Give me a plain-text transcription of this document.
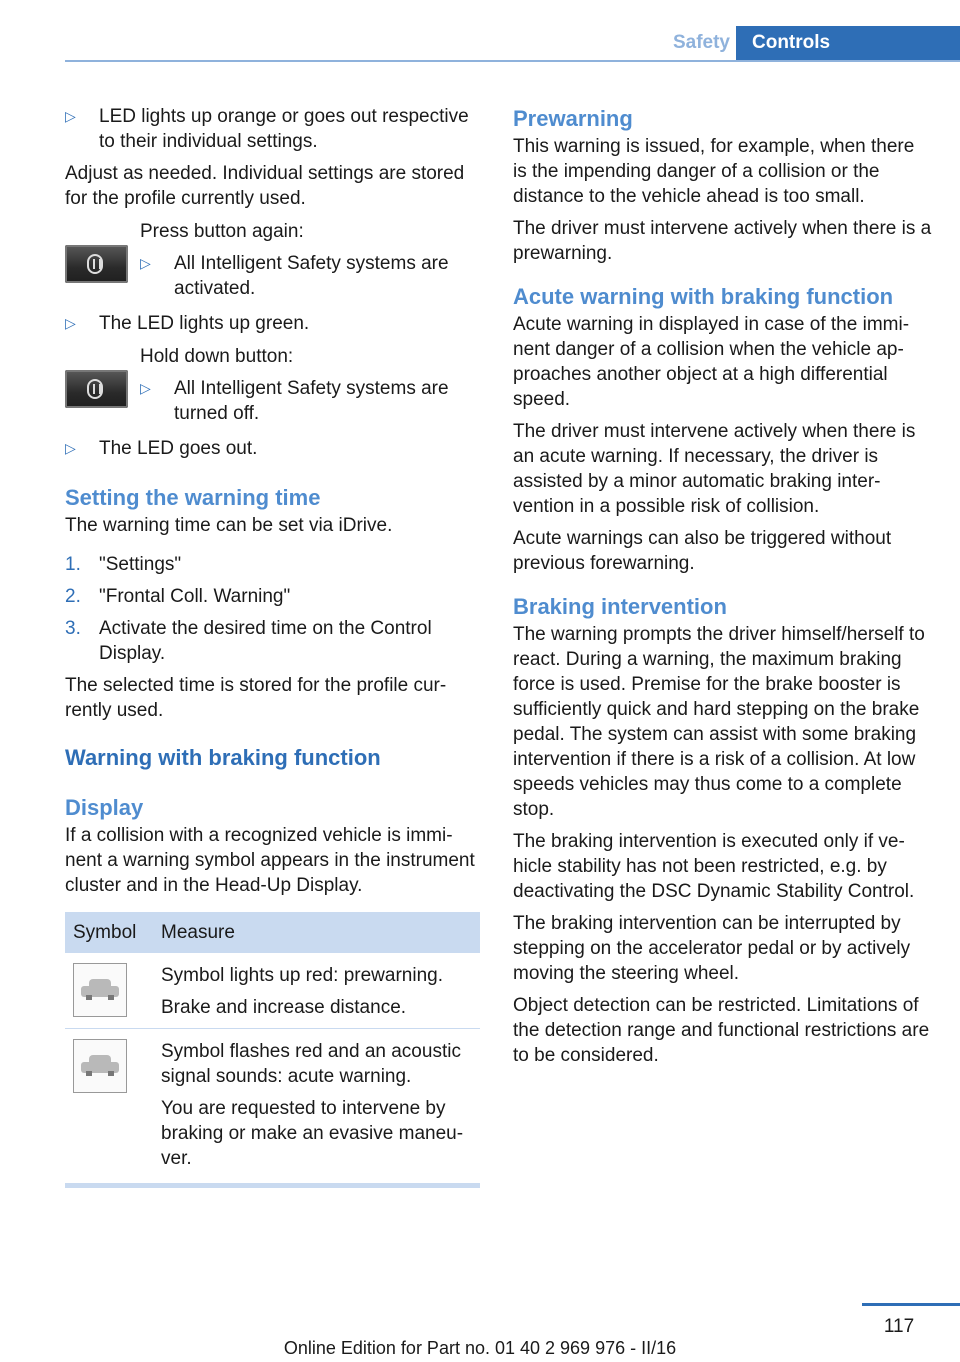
Safety	Controls
▷	LED lights up orange or goes out respective to their individual settings.

Adjust as needed. Individual settings are stored for the profile currently used.

Press button again:

▷	All Intelligent Safety systems are activated.
▷	The LED lights up green.

Hold down button:

▷	All Intelligent Safety systems are turned off.
▷	The LED goes out.
Setting the warning time

The warning time can be set via iDrive.

1. "Settings"
2. "Frontal Coll. Warning"
3. Activate the desired time on the Control Display.

The selected time is stored for the profile currently used.

Warning with braking function
Display

If a collision with a recognized vehicle is imminent a warning symbol appears in the instrument cluster and in the Head-Up Display.

Symbol	Measure

	Symbol lights up red: prewarning.

Brake and increase distance.

	Symbol flashes red and an acoustic signal sounds: acute warning.

You are requested to intervene by braking or make an evasive maneuver.

Prewarning

This warning is issued, for example, when there is the impending danger of a collision or the distance to the vehicle ahead is too small.

The driver must intervene actively when there is a prewarning.

Acute warning with braking function

Acute warning in displayed in case of the imminent danger of a collision when the vehicle approaches another object at a high differential speed.

The driver must intervene actively when there is an acute warning. If necessary, the driver is assisted by a minor automatic braking intervention in a possible risk of collision.

Acute warnings can also be triggered without previous forewarning.

Braking intervention

The warning prompts the driver himself/herself to react. During a warning, the maximum braking force is used. Premise for the brake booster is sufficiently quick and hard stepping on the brake pedal. The system can assist with some braking intervention if there is a risk of a collision. At low speeds vehicles may thus come to a complete stop.

The braking intervention is executed only if vehicle stability has not been restricted, e.g. by deactivating the DSC Dynamic Stability Control.

The braking intervention can be interrupted by stepping on the accelerator pedal or by actively moving the steering wheel.

Object detection can be restricted. Limitations of the detection range and functional restrictions are to be considered.

117
Online Edition for Part no. 01 40 2 969 976 - II/16
